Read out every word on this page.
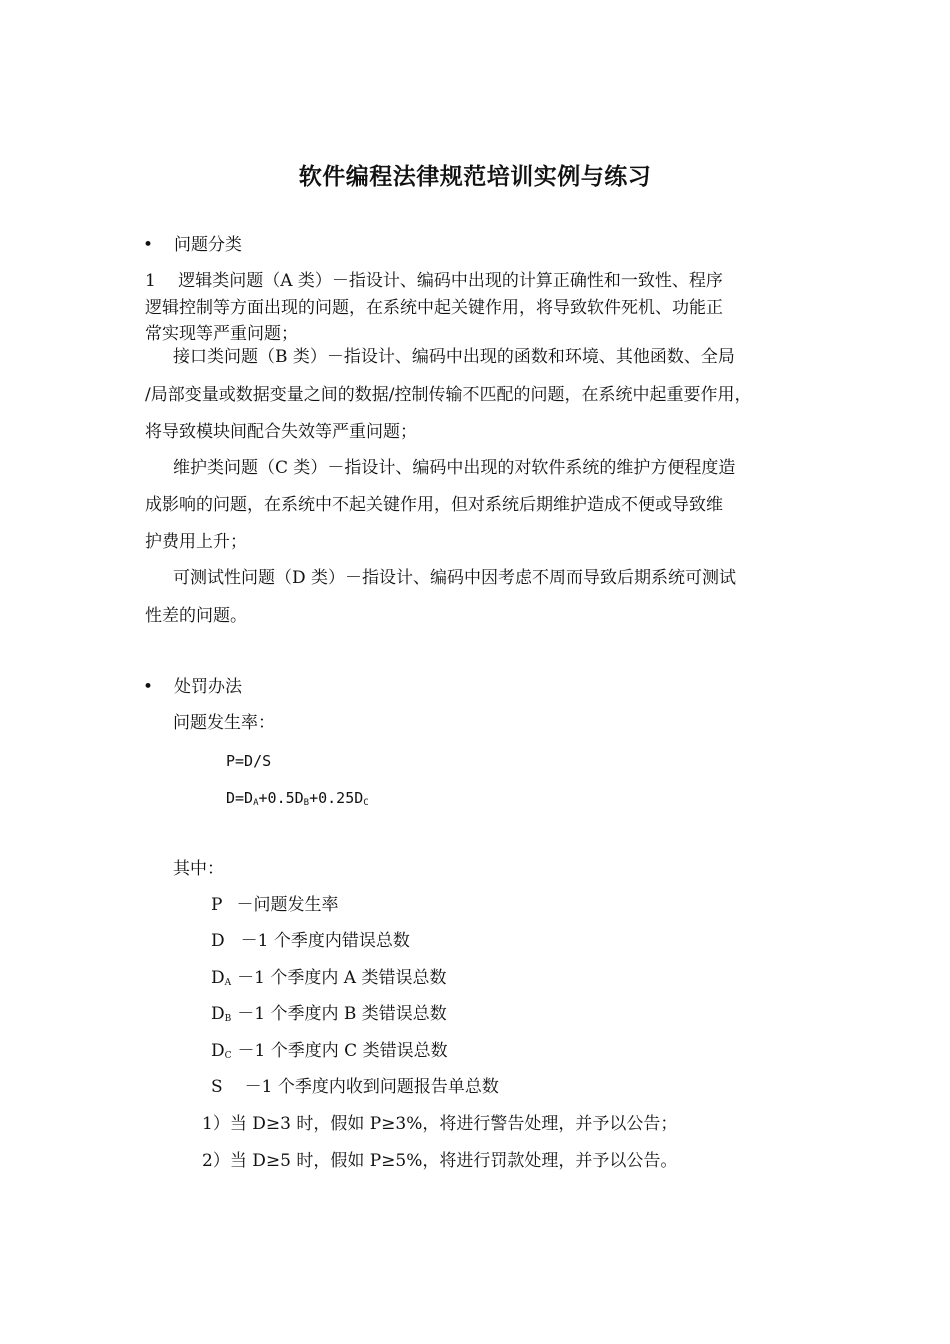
软件编程法律规范培训实例与练习
• 问题分类
1　 逻辑类问题（A 类）－指设计、编码中出现的计算正确性和一致性、程序
逻辑控制等方面出现的问题，在系统中起关键作用，将导致软件死机、功能正
常实现等严重问题；
接口类问题（B 类）－指设计、编码中出现的函数和环境、其他函数、全局
/局部变量或数据变量之间的数据/控制传输不匹配的问题，在系统中起重要作用，
将导致模块间配合失效等严重问题；
维护类问题（C 类）－指设计、编码中出现的对软件系统的维护方便程度造
成影响的问题，在系统中不起关键作用，但对系统后期维护造成不便或导致维
护费用上升；
可测试性问题（D 类）－指设计、编码中因考虑不周而导致后期系统可测试
性差的问题。
• 处罚办法
问题发生率：
P=D/S
$D=D_A+0.5D_B+0.25D_C$
其中：
P －问题发生率
D －1 个季度内错误总数
$D_A -1$ 个季度内 A 类错误总数
$D_B -1$ 个季度内 B 类错误总数
$D_C -1$ 个季度内 C 类错误总数
S －1 个季度内收到问题报告单总数
1）当 D≥3 时，假如 P≥3%，将进行警告处理，并予以公告；
2）当 D≥5 时，假如 P≥5%，将进行罚款处理，并予以公告。
